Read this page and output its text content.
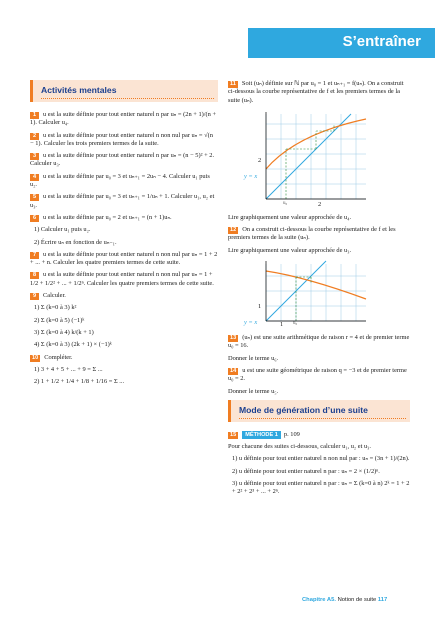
S’entraîner
Activités mentales
1 u est la suite définie pour tout entier naturel n par uₙ = (2n + 1)/(n + 1). Calculer u₄.
2 u est la suite définie pour tout entier naturel n non nul par uₙ = √(n − 1). Calculer les trois premiers termes de la suite.
3 u est la suite définie pour tout entier naturel n par uₙ = (n − 5)² + 2. Calculer u₃.
4 u est la suite définie par u₀ = 3 et uₙ₊₁ = 2uₙ − 4. Calculer u₁ puis u₂.
5 u est la suite définie par u₀ = 3 et uₙ₊₁ = 1/uₙ + 1. Calculer u₁, u₂ et u₃.
6 u est la suite définie par u₀ = 2 et uₙ₊₁ = (n + 1)uₙ.
1) Calculer u₁ puis u₂.
2) Écrire uₙ en fonction de uₙ₋₁.
7 u est la suite définie pour tout entier naturel n non nul par uₙ = 1 + 2 + ... + n. Calculer les quatre premiers termes de cette suite.
8 u est la suite définie pour tout entier naturel n non nul par uₙ = 1 + 1/2 + 1/2² + ... + 1/2ⁿ. Calculer les quatre premiers termes de cette suite.
9 Calculer.
1) Σ (k=0 à 3) k²
2) Σ (k=0 à 5) (−1)ᵏ
3) Σ (k=0 à 4) k/(k + 1)
4) Σ (k=0 à 3) (2k + 1) × (−1)ᵏ
10 Compléter.
1) 3 + 4 + 5 + ... + 9 = Σ ...
2) 1 + 1/2 + 1/4 + 1/8 + 1/16 = Σ ...
11 Soit (uₙ) définie sur ℕ par u₀ = 1 et uₙ₊₁ = f(uₙ). On a construit ci-dessous la courbe représentative de f et les premiers termes de la suite (uₙ).
y = x
2
2
u₀
Lire graphiquement une valeur approchée de u₄.
12 On a construit ci-dessous la courbe représentative de f et les premiers termes de la suite (uₙ).
Lire graphiquement une valeur approchée de u₃.
y = x
1
1 u₀
13 (uₙ) est une suite arithmétique de raison r = 4 et de premier terme u₀ = 16.
Donner le terme u₆.
14 u est une suite géométrique de raison q = −3 et de premier terme u₀ = 2.
Donner le terme u₅.
Mode de génération d’une suite
15 MÉTHODE 1 p. 109
Pour chacune des suites ci-dessous, calculer u₁, u₂ et u₃.
1) u définie pour tout entier naturel n non nul par : uₙ = (3n + 1)/(2n).
2) u définie pour tout entier naturel n par : uₙ = 2 × (1/2)ⁿ.
3) u définie pour tout entier naturel n par : uₙ = Σ (k=0 à n) 2ᵏ = 1 + 2 + 2² + 2³ + ... + 2ⁿ.
Chapitre A5. Notion de suite 117
